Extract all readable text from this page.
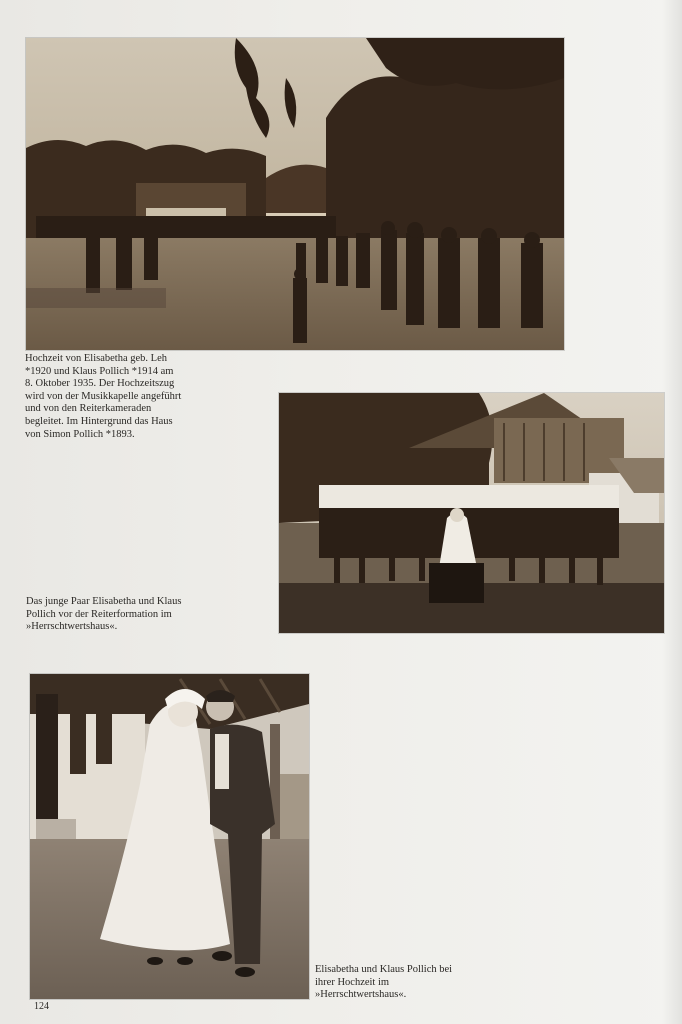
Hochzeit von Elisabetha geb. Leh
*1920 und Klaus Pollich *1914 am
8. Oktober 1935. Der Hochzeitszug
wird von der Musikkapelle angeführt
und von den Reiterkameraden
begleitet. Im Hintergrund das Haus
von Simon Pollich *1893.
Das junge Paar Elisabetha und Klaus
Pollich vor der Reiterformation im
»Herrschtwertshaus«.
Elisabetha und Klaus Pollich bei
ihrer Hochzeit im
»Herrschtwertshaus«.
124
